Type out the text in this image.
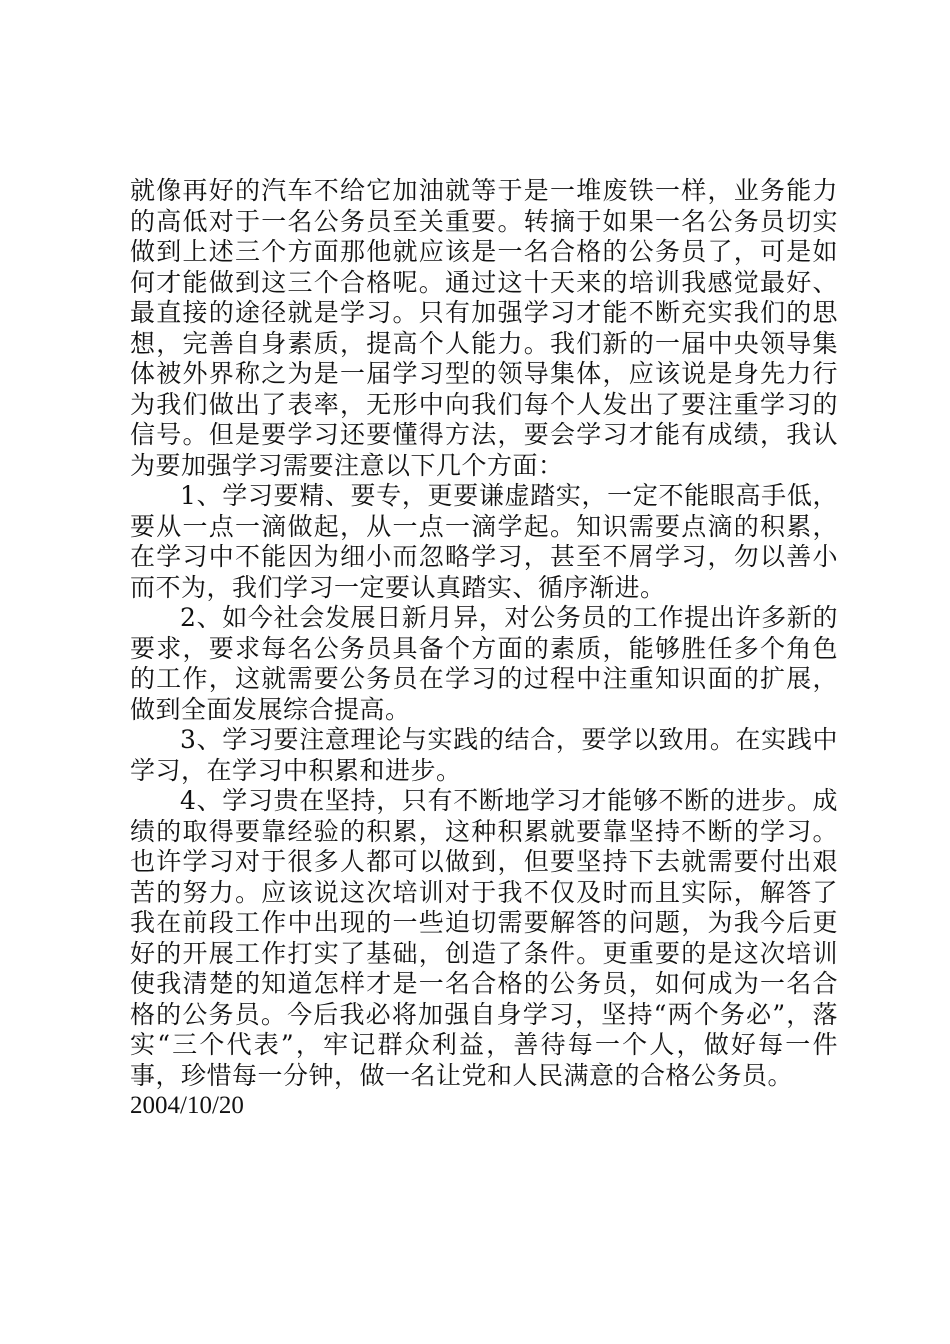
就像再好的汽车不给它加油就等于是一堆废铁一样，业务能力的高低对于一名公务员至关重要。转摘于如果一名公务员切实做到上述三个方面那他就应该是一名合格的公务员了，可是如何才能做到这三个合格呢。通过这十天来的培训我感觉最好、最直接的途径就是学习。只有加强学习才能不断充实我们的思想，完善自身素质，提高个人能力。我们新的一届中央领导集体被外界称之为是一届学习型的领导集体，应该说是身先力行为我们做出了表率，无形中向我们每个人发出了要注重学习的信号。但是要学习还要懂得方法，要会学习才能有成绩，我认为要加强学习需要注意以下几个方面：

1、学习要精、要专，更要谦虚踏实，一定不能眼高手低，要从一点一滴做起，从一点一滴学起。知识需要点滴的积累，在学习中不能因为细小而忽略学习，甚至不屑学习，勿以善小而不为，我们学习一定要认真踏实、循序渐进。

2、如今社会发展日新月异，对公务员的工作提出许多新的要求，要求每名公务员具备个方面的素质，能够胜任多个角色的工作，这就需要公务员在学习的过程中注重知识面的扩展，做到全面发展综合提高。

3、学习要注意理论与实践的结合，要学以致用。在实践中学习，在学习中积累和进步。

4、学习贵在坚持，只有不断地学习才能够不断的进步。成绩的取得要靠经验的积累，这种积累就要靠坚持不断的学习。也许学习对于很多人都可以做到，但要坚持下去就需要付出艰苦的努力。应该说这次培训对于我不仅及时而且实际，解答了我在前段工作中出现的一些迫切需要解答的问题，为我今后更好的开展工作打实了基础，创造了条件。更重要的是这次培训使我清楚的知道怎样才是一名合格的公务员，如何成为一名合格的公务员。今后我必将加强自身学习，坚持“两个务必”，落实“三个代表”，牢记群众利益，善待每一个人，做好每一件事，珍惜每一分钟，做一名让党和人民满意的合格公务员。

2004/10/20
